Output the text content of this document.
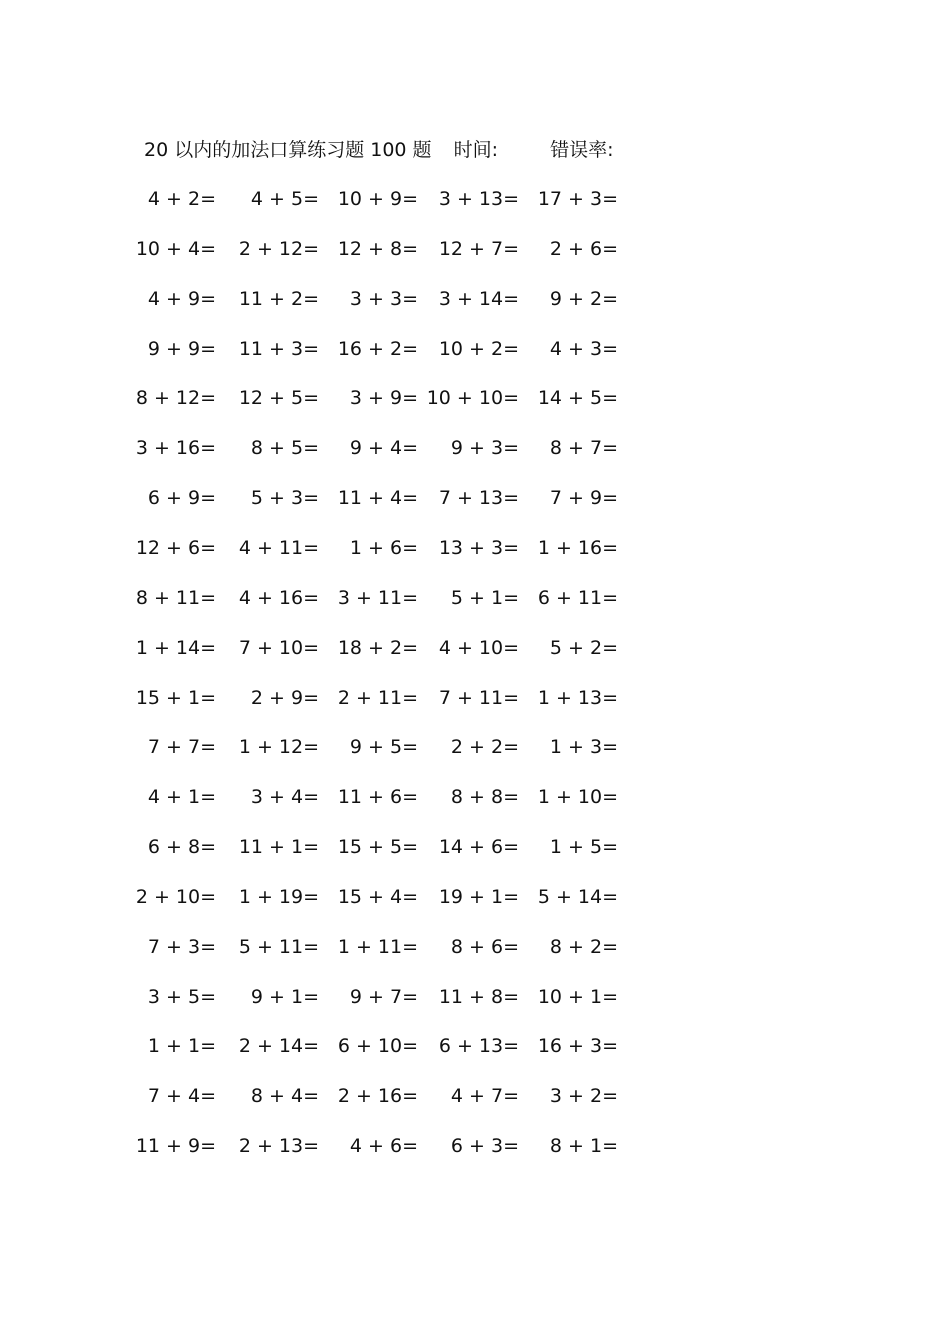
20 以内的加法口算练习题 100 题 时间:	错误率:
4 + 2= 4 + 5= 10 + 9= 3 + 13= 17 + 3=
10 + 4= 2 + 12= 12 + 8= 12 + 7= 2 + 6=
4 + 9= 11 + 2= 3 + 3= 3 + 14= 9 + 2=
9 + 9= 11 + 3= 16 + 2= 10 + 2= 4 + 3=
8 + 12= 12 + 5= 3 + 9= 10 + 10= 14 + 5=
3 + 16= 8 + 5= 9 + 4= 9 + 3= 8 + 7=
6 + 9= 5 + 3= 11 + 4= 7 + 13= 7 + 9=
12 + 6= 4 + 11= 1 + 6= 13 + 3= 1 + 16=
8 + 11= 4 + 16= 3 + 11= 5 + 1= 6 + 11=
1 + 14= 7 + 10= 18 + 2= 4 + 10= 5 + 2=
15 + 1= 2 + 9= 2 + 11= 7 + 11= 1 + 13=
7 + 7= 1 + 12= 9 + 5= 2 + 2= 1 + 3=
4 + 1= 3 + 4= 11 + 6= 8 + 8= 1 + 10=
6 + 8= 11 + 1= 15 + 5= 14 + 6= 1 + 5=
2 + 10= 1 + 19= 15 + 4= 19 + 1= 5 + 14=
7 + 3= 5 + 11= 1 + 11= 8 + 6= 8 + 2=
3 + 5= 9 + 1= 9 + 7= 11 + 8= 10 + 1=
1 + 1= 2 + 14= 6 + 10= 6 + 13= 16 + 3=
7 + 4= 8 + 4= 2 + 16= 4 + 7= 3 + 2=
11 + 9= 2 + 13= 4 + 6= 6 + 3= 8 + 1=
